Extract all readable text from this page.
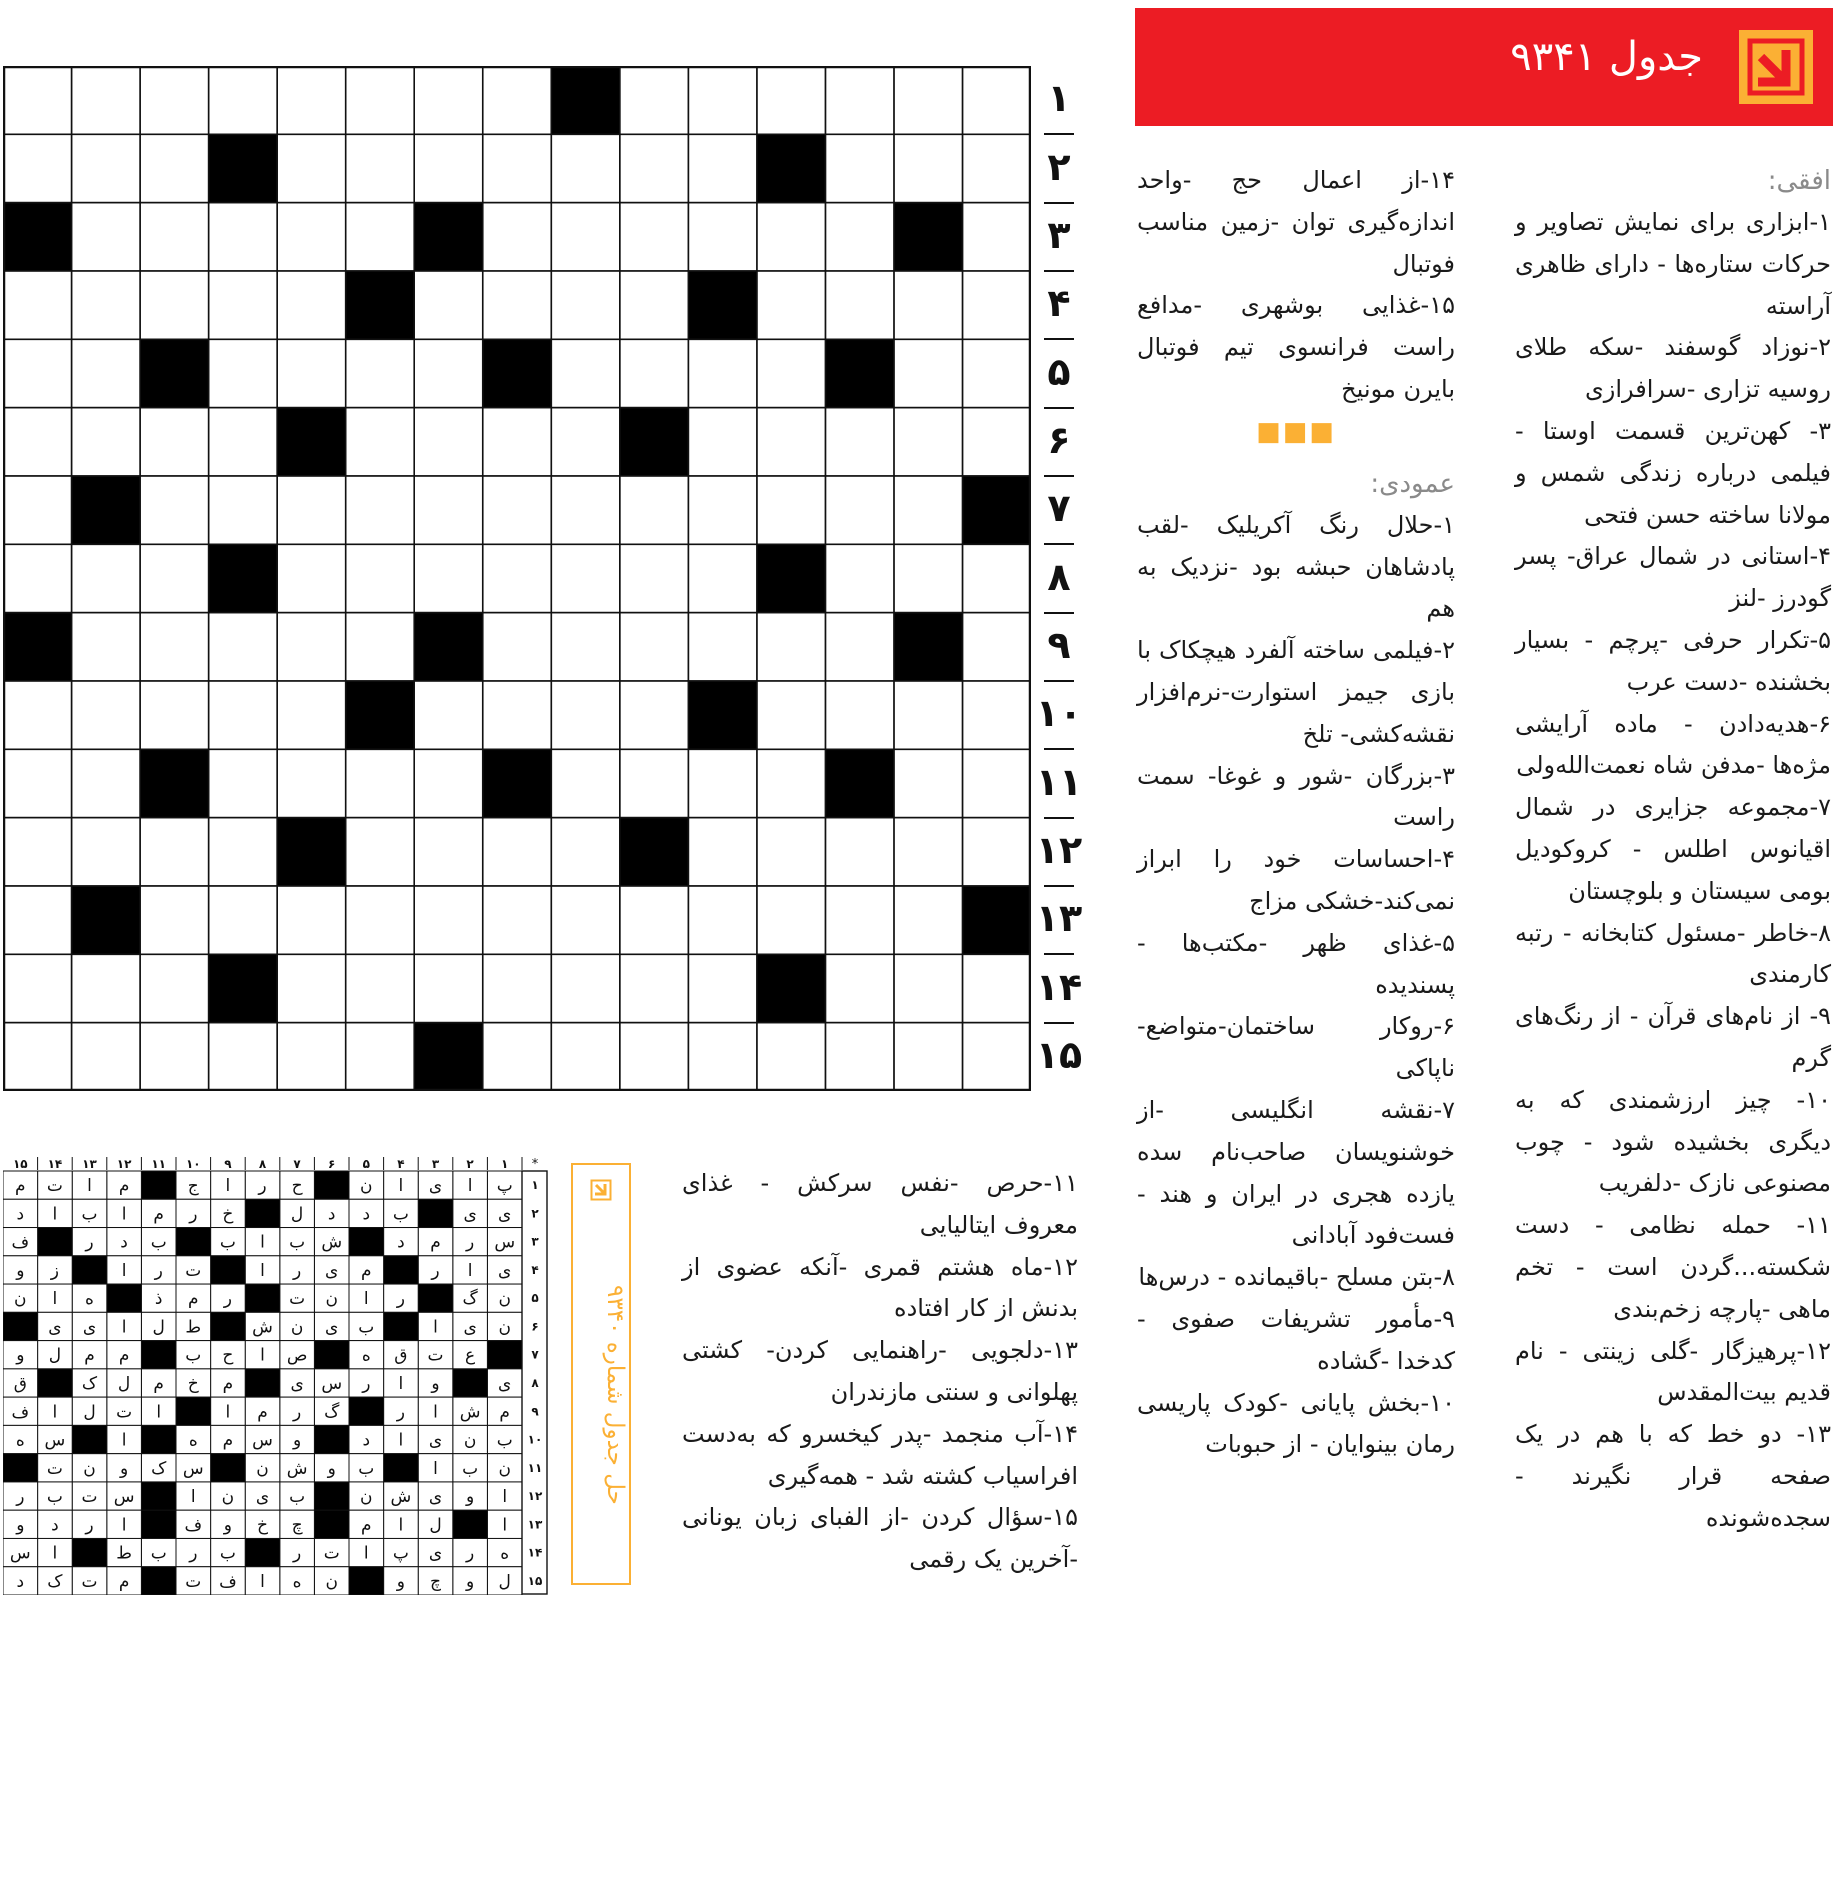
جدول ۹۳۴۱
افقی:
۱-ابزاری برای نمایش تصاویر و حرکات ستاره‌ها - دارای ظاهری آراسته
۲-نوزاد گوسفند -سکه طلای روسیه تزاری -سرافرازی
۳- کهن‌ترین قسمت اوستا - فیلمی درباره زندگی شمس و مولانا ساخته حسن فتحی
۴-استانی در شمال عراق- پسر گودرز -لنز
۵-تکرار حرفی -پرچم - بسیار بخشنده -دست عرب
۶-هدیه‌دادن - ماده آرایشی مژه‌ها -مدفن شاه نعمت‌الله‌ولی
۷-مجموعه جزایری در شمال اقیانوس اطلس - کروکودیل بومی سیستان و بلوچستان
۸-خاطر -مسئول کتابخانه - رتبه کارمندی
۹- از نام‌های قرآن - از رنگ‌های گرم
۱۰- چیز ارزشمندی که به دیگری بخشیده شود - چوب مصنوعی نازک -دلفریب
۱۱- حمله نظامی - دست شکسته...گردن است - تخم ماهی -پارچه زخم‌بندی
۱۲-پرهیزگار -گلی زینتی - نام قدیم بیت‌المقدس
۱۳- دو خط که با هم در یک صفحه قرار نگیرند - سجده‌شونده
۱۴-از اعمال حج -واحد اندازه‌گیری توان -زمین مناسب فوتبال
۱۵-غذایی بوشهری -مدافع راست فرانسوی تیم فوتبال بایرن مونیخ
■■■
عمودی:
۱-حلال رنگ آکریلیک -لقب پادشاهان حبشه بود -نزدیک به هم
۲-فیلمی ساخته آلفرد هیچکاک با بازی جیمز استوارت-نرم‌افزار نقشه‌کشی- تلخ
۳-بزرگان -شور و غوغا- سمت راست
۴-احساسات خود را ابراز نمی‌کند-خشکی مزاج
۵-غذای ظهر -مکتب‌ها - پسندیده
۶-روکار ساختمان-متواضع- ناپاکی
۷-نقشه انگلیسی -از خوشنویسان صاحب‌نام سده یازده هجری در ایران و هند - فست‌فود آبادانی
۸-بتن مسلح -باقیمانده - درس‌ها
۹-مأمور تشریفات صفوی - کدخدا -گشاده
۱۰-بخش پایانی -کودک پاریسی رمان بینوایان - از حبوبات
۱۱-حرص -نفس سرکش - غذای معروف ایتالیایی
۱۲-ماه هشتم قمری -آنکه عضوی از بدنش از کار افتاده
۱۳-دلجویی -راهنمایی کردن- کشتی پهلوانی و سنتی مازندران
۱۴-آب منجمد -پدر کیخسرو که به‌دست افراسیاب کشته شد - همه‌گیری
۱۵-سؤال کردن -از الفبای زبان یونانی -آخرین یک رقمی
۱
۲
۳
۴
۵
۶
۷
۸
۹
۱۰
۱۱
۱۲
۱۳
۱۴
۱۵
*
۱
۲
۳
۴
۵
۶
۷
۸
۹
۱۰
۱۱
۱۲
۱۳
۱۴
۱۵
۱
۲
۳
۴
۵
۶
۷
۸
۹
۱۰
۱۱
۱۲
۱۳
۱۴
۱۵
پ
ا
ی
ا
ن
ح
ر
ا
ج
م
ا
ت
م
ی
ی
ب
د
د
ل
خ
ر
م
ا
ب
ا
د
س
ر
م
د
ش
ب
ا
ب
ب
د
ر
ف
ی
ا
ر
م
ی
ر
ا
ت
ر
ا
ز
و
ن
گ
ر
ا
ن
ت
ر
م
ذ
ه
ا
ن
ن
ی
ا
ب
ی
ن
ش
ط
ل
ا
ی
ی
ع
ت
ق
ه
ص
ا
ح
ب
م
م
ل
و
ی
و
ا
ر
س
ی
م
خ
م
ل
ک
ق
م
ش
ا
ر
گ
ر
م
ا
ا
ت
ل
ا
ف
ب
ن
ی
ا
د
و
س
م
ه
ا
س
ه
ن
ب
ا
ب
و
ش
ن
س
ک
و
ن
ت
ا
و
ی
ش
ن
ب
ی
ن
ا
س
ت
ب
ر
ا
ل
ا
م
چ
خ
و
ف
ا
ر
د
و
ه
ر
ی
پ
ا
ت
ر
ب
ر
ب
ط
ا
س
ل
و
چ
و
ن
ه
ا
ف
ت
م
ت
ک
د
حل جدول شماره ۹۳۴۰
